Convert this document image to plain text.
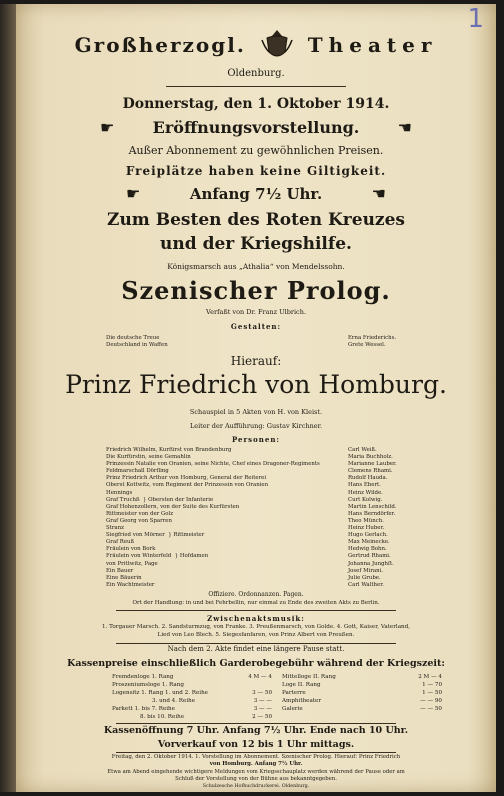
1
Großherzogl.	Theater
Oldenburg.
Donnerstag, den 1. Oktober 1914.
☛ Eröffnungsvorstellung. ☚
Außer Abonnement zu gewöhnlichen Preisen.
Freiplätze haben keine Giltigkeit.
☛	Anfang 7½ Uhr.	☚
Zum Besten des Roten Kreuzes
und der Kriegshilfe.
Königsmarsch aus „Athalia“ von Mendelssohn.
Szenischer Prolog.
Verfaßt von Dr. Franz Ulbrich.
Gestalten:
Die deutsche Treue	Erna Friederichs.
Deutschland in Waffen	Grete Wessel.
Hierauf:
Prinz Friedrich von Homburg.
Schauspiel in 5 Akten von H. von Kleist.
Leiter der Aufführung: Gustav Kirchner.
Personen:
Friedrich Wilhelm, Kurfürst von Brandenburg	Carl Weiß.
Die Kurfürstin, seine Gemahlin	Maria Buchholz.
Prinzessin Natalie von Oranien, seine Nichte, Chef eines Dragoner-Regiments	Marianne Lauber.
Feldmarschall Dörfling	Clemens Rhami.
Prinz Friedrich Arthur von Homburg, General der Reiterei	Rudolf Hauda.
Oberst Kottwitz, vom Regiment der Prinzessin von Oranien	Hans Ebert.
Hennings	Heinz Wilde.
Graf Truchß  } Obersten der Infanterie	Curt Kolwig.
Graf Hohenzollern, von der Suite des Kurfürsten	Martin Lenschild.
Rittmeister von der Golz	Hans Berndörfer.
Graf Georg von Sparren	Theo Münch.
Stranz	Heinz Huber.
Siegfried von Mörner  } Rittmeister	Hugo Gerlach.
Graf Reuß	Max Meinecke.
Fräulein von Bork	Hedwig Bohn.
Fräulein von Winterfeld  } Hofdamen	Gertrud Rhami.
von Prittwitz, Page	Johanna Junghſt.
Ein Bauer	Josef Mirani.
Eine Bäuerin	Julie Grube.
Ein Wachtmeister	Carl Walther.
Offiziere. Ordonnanzen. Pagen.
Ort der Handlung: in und bei Fehrbellin, nur einmal zu Ende des zweiten Akts zu Berlin.
Zwischenaktsmusik:
1. Torgauer Marsch. 2. Sandsturmzug, von Franke. 3. Preußenmarsch, von Golde. 4. Gott, Kaiser, Vaterland,
Lied von Leo Blech. 5. Siegesfanfaren, von Prinz Albert von Preußen.
Nach dem 2. Akte findet eine längere Pause statt.
Kassenpreise einschließlich Garderobegebühr während der Kriegszeit:
Fremdenloge 1. Rang	4 M — 4
Proszeniumsloge 1. Rang
Logensitz 1. Rang 1. und 2. Reihe	3 — 50
3. und 4. Reihe	3 — —
Parkett 1. bis 7. Reihe	3 — —
8. bis 10. Reihe	2 — 50
Mittelloge II. Rang	2 M — 4
Loge II. Rang	1 — 70
Parterre	1 — 50
Amphitheater	— — 90
Galerie	— — 50
Kassenöffnung 7 Uhr. Anfang 7½ Uhr. Ende nach 10 Uhr.
Vorverkauf von 12 bis 1 Uhr mittags.
Freitag, den 2. Oktober 1914. 1. Vorstellung im Abonnement. Szenischer Prolog. Hierauf: Prinz Friedrich
von Homburg. Anfang 7½ Uhr.
Etwa am Abend eingehende wichtigere Meldungen vom Kriegsschauplatz werden während der Pause oder am
Schluß der Vorstellung von der Bühne aus bekanntgegeben.
Schulzesche Hofbuchdruckerei. Oldenburg.
